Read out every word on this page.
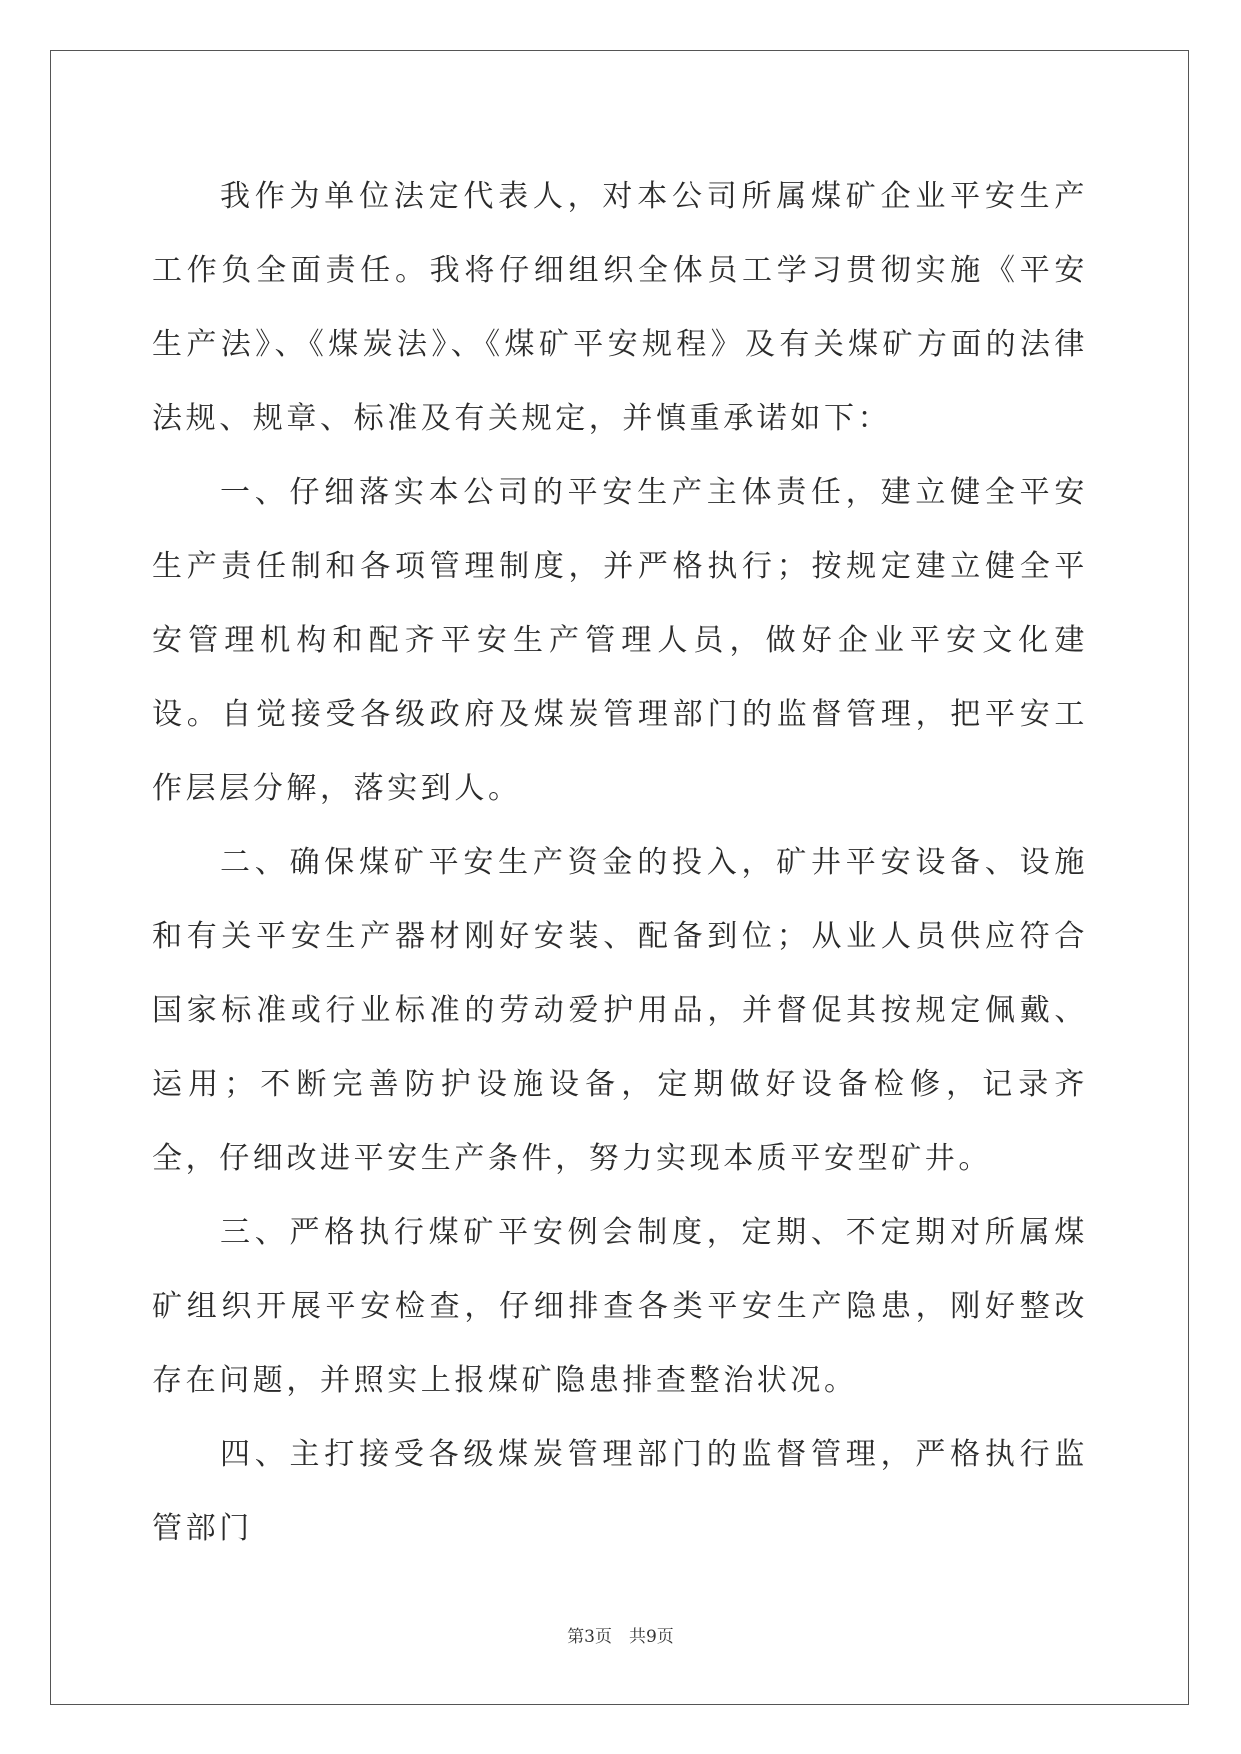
我作为单位法定代表人，对本公司所属煤矿企业平安生产工作负全面责任。我将仔细组织全体员工学习贯彻实施《平安生产法》、《煤炭法》、《煤矿平安规程》及有关煤矿方面的法律法规、规章、标准及有关规定，并慎重承诺如下：

一、仔细落实本公司的平安生产主体责任，建立健全平安生产责任制和各项管理制度，并严格执行；按规定建立健全平安管理机构和配齐平安生产管理人员，做好企业平安文化建设。自觉接受各级政府及煤炭管理部门的监督管理，把平安工作层层分解，落实到人。

二、确保煤矿平安生产资金的投入，矿井平安设备、设施和有关平安生产器材刚好安装、配备到位；从业人员供应符合国家标准或行业标准的劳动爱护用品，并督促其按规定佩戴、运用；不断完善防护设施设备，定期做好设备检修，记录齐全，仔细改进平安生产条件，努力实现本质平安型矿井。

三、严格执行煤矿平安例会制度，定期、不定期对所属煤矿组织开展平安检查，仔细排查各类平安生产隐患，刚好整改存在问题，并照实上报煤矿隐患排查整治状况。

四、主打接受各级煤炭管理部门的监督管理，严格执行监管部门

第3页　共9页
